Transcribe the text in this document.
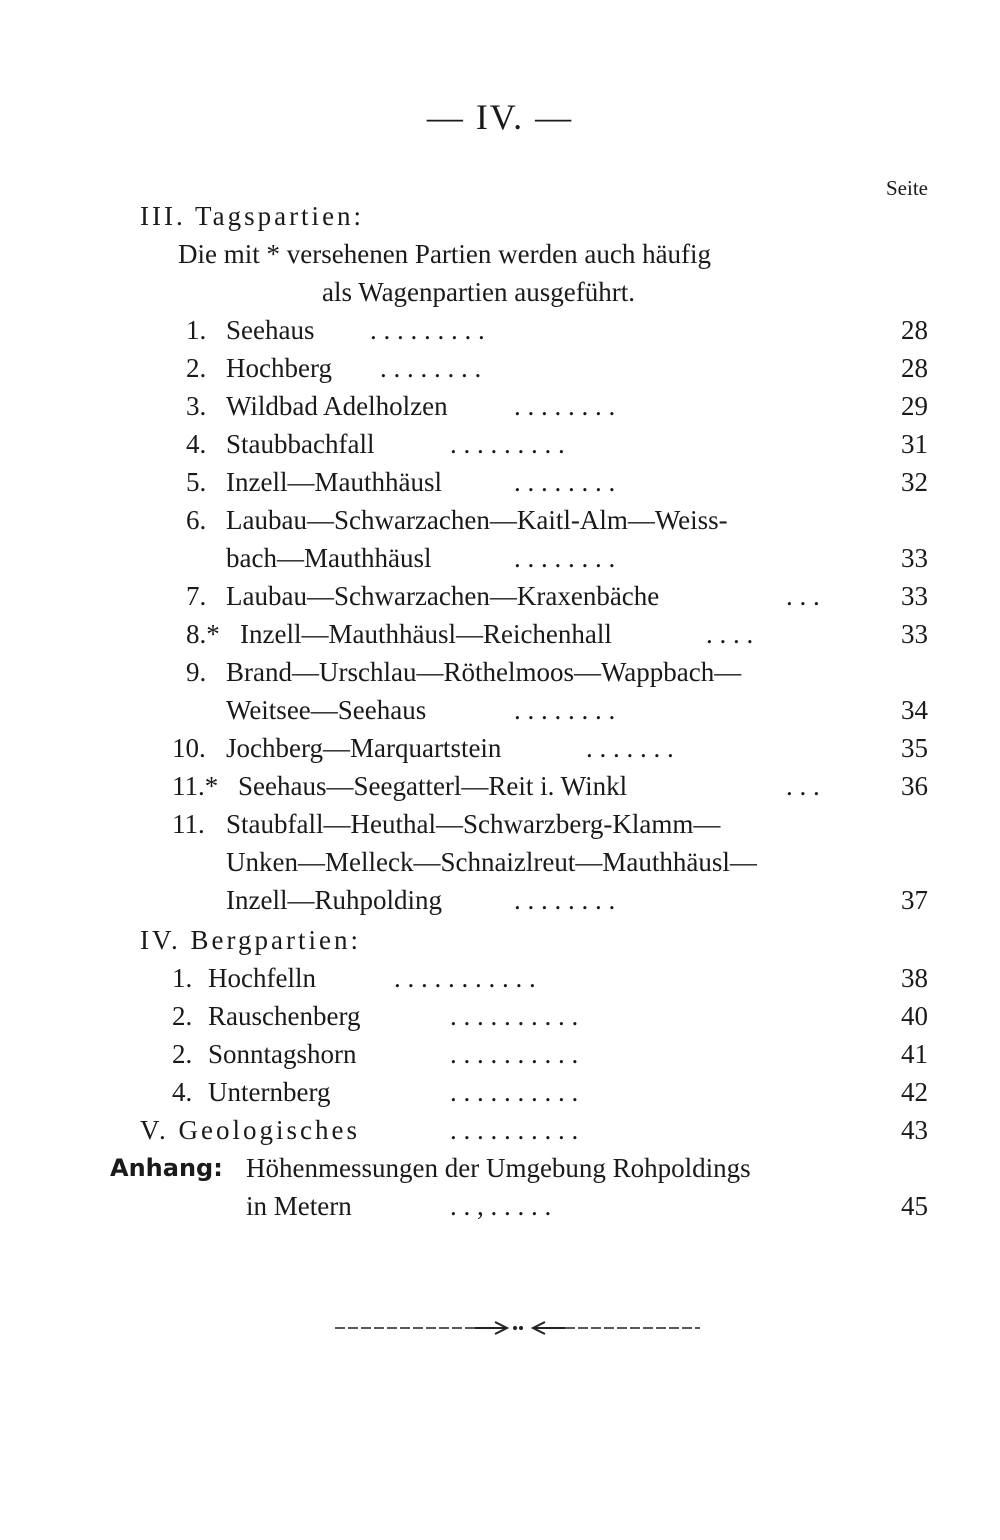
— IV. —
Seite
III. Tagspartien:
Die mit * versehenen Partien werden auch häufig
als Wagenpartien ausgeführt.
1. Seehaus . . . . . . . . .	28
2. Hochberg . . . . . . . .	28
3. Wildbad Adelholzen . . . . . . . .	29
4. Staubbachfall	. . . . . . . . .	31
5. Inzell—Mauthhäusl	. . . . . . . .	32
6. Laubau—Schwarzachen—Kaitl-Alm—Weiss-
bach—Mauthhäusl	. . . . . . . .	33
7. Laubau—Schwarzachen—Kraxenbäche	. . .	33
8.* Inzell—Mauthhäusl—Reichenhall	. . . .	33
9. Brand—Urschlau—Röthelmoos—Wappbach—
Weitsee—Seehaus	. . . . . . . .	34
10. Jochberg—Marquartstein	. . . . . . .	35
11.* Seehaus—Seegatterl—Reit i. Winkl	. . .	36
11. Staubfall—Heuthal—Schwarzberg-Klamm—
Unken—Melleck—Schnaizlreut—Mauthhäusl—
Inzell—Ruhpolding	. . . . . . . .	37
IV. Bergpartien:
1. Hochfelln	. . . . . . . . . . .	38
2. Rauschenberg	. . . . . . . . . .	40
2. Sonntagshorn	. . . . . . . . . .	41
4. Unternberg	. . . . . . . . . .	42
V. Geologisches	. . . . . . . . . .	43
Anhang: Höhenmessungen der Umgebung Rohpoldings
in Metern	. . , . . . . .	45
